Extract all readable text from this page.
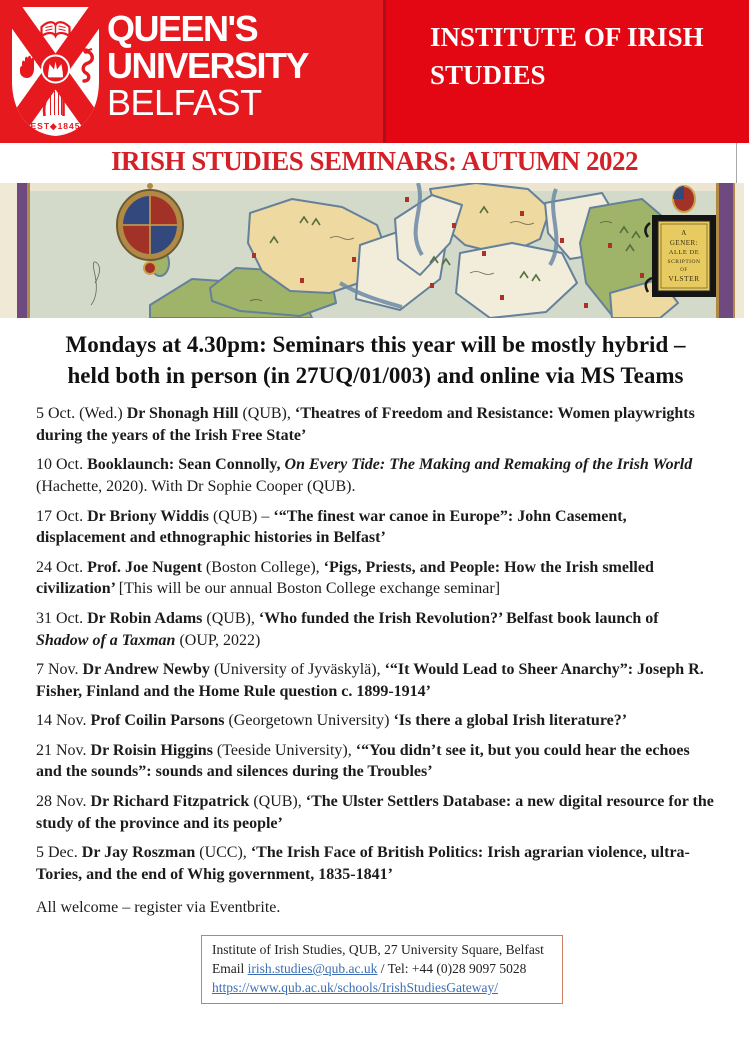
EST◆1845
QUEEN'S
UNIVERSITY
BELFAST
INSTITUTE OF IRISH
STUDIES

IRISH STUDIES SEMINARS: AUTUMN 2022

A
GENER:
ALLE DE
SCRIPTION
OF
VLSTER

Mondays at 4.30pm: Seminars this year will be mostly hybrid –
held both in person (in 27UQ/01/003) and online via MS Teams

5 Oct. (Wed.) Dr Shonagh Hill (QUB), ‘Theatres of Freedom and Resistance: Women playwrights during the years of the Irish Free State’

10 Oct. Booklaunch: Sean Connolly, On Every Tide: The Making and Remaking of the Irish World (Hachette, 2020). With Dr Sophie Cooper (QUB).

17 Oct. Dr Briony Widdis (QUB) – ‘“The finest war canoe in Europe”: John Casement, displacement and ethnographic histories in Belfast’

24 Oct. Prof. Joe Nugent (Boston College), ‘Pigs, Priests, and People: How the Irish smelled civilization’ [This will be our annual Boston College exchange seminar]

31 Oct. Dr Robin Adams (QUB), ‘Who funded the Irish Revolution?’ Belfast book launch of Shadow of a Taxman (OUP, 2022)

7 Nov. Dr Andrew Newby (University of Jyväskylä), ‘“It Would Lead to Sheer Anarchy”: Joseph R. Fisher, Finland and the Home Rule question c. 1899-1914’

14 Nov. Prof Coilin Parsons (Georgetown University) ‘Is there a global Irish literature?’

21 Nov. Dr Roisin Higgins (Teeside University), ‘“You didn’t see it, but you could hear the echoes and the sounds”: sounds and silences during the Troubles’

28 Nov. Dr Richard Fitzpatrick (QUB), ‘The Ulster Settlers Database: a new digital resource for the study of the province and its people’

5 Dec. Dr Jay Roszman (UCC), ‘The Irish Face of British Politics: Irish agrarian violence, ultra-Tories, and the end of Whig government, 1835-1841’

All welcome – register via Eventbrite.

Institute of Irish Studies, QUB, 27 University Square, Belfast
Email irish.studies@qub.ac.uk / Tel: +44 (0)28 9097 5028
https://www.qub.ac.uk/schools/IrishStudiesGateway/
